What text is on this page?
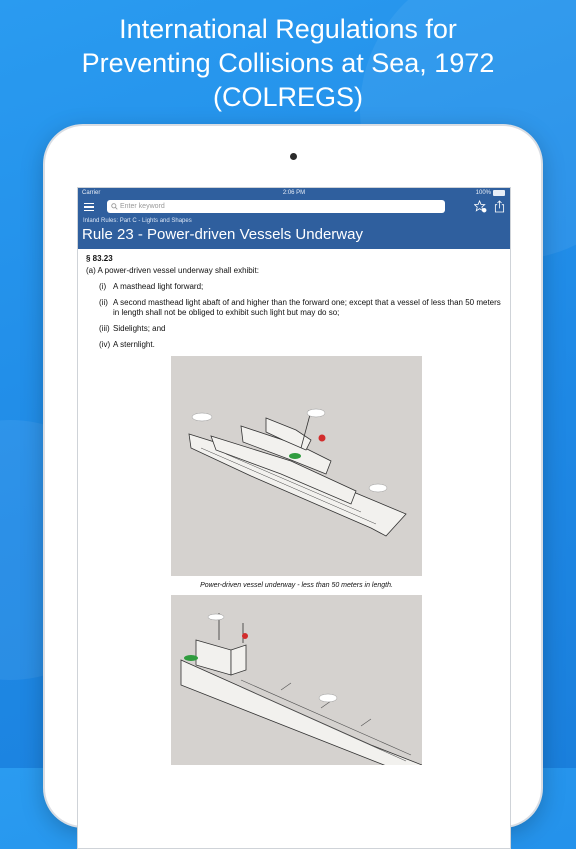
International Regulations for
Preventing Collisions at Sea, 1972
(COLREGS)
Carrier	2:06 PM	100%
Enter keyword
Inland Rules: Part C - Lights and Shapes
Rule 23 - Power-driven Vessels Underway
§ 83.23
(a) A power-driven vessel underway shall exhibit:
(i) A masthead light forward;
(ii) A second masthead light abaft of and higher than the forward one; except that a vessel of less than 50 meters in length shall not be obliged to exhibit such light but may do so;
(iii) Sidelights; and
(iv) A sternlight.
Power-driven vessel underway - less than 50 meters in length.
